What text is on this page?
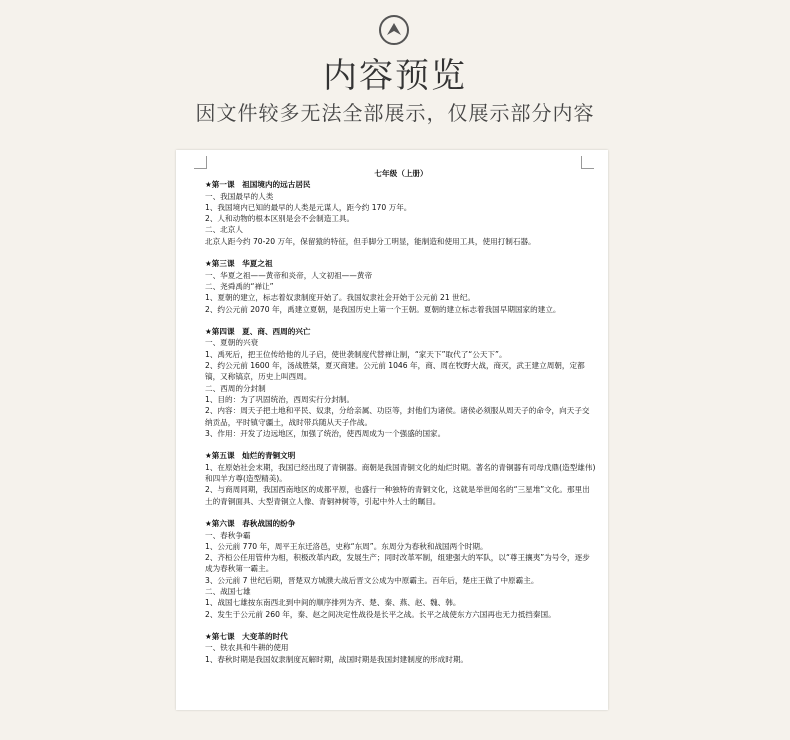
内容预览
因文件较多无法全部展示，仅展示部分内容

七年级（上册）

★第一课　祖国境内的远古居民

一、我国最早的人类

1、我国境内已知的最早的人类是元谋人，距今约 170 万年。

2、人和动物的根本区别是会不会制造工具。

二、北京人

北京人距今约 70-20 万年，保留猿的特征，但手脚分工明显，能制造和使用工具，使用打制石器。

★第三课　华夏之祖

一、华夏之祖——黄帝和炎帝，人文初祖——黄帝

二、尧舜禹的“禅让”

1、夏朝的建立，标志着奴隶制度开始了。我国奴隶社会开始于公元前 21 世纪。

2、约公元前 2070 年，禹建立夏朝，是我国历史上第一个王朝。夏朝的建立标志着我国早期国家的建立。

★第四课　夏、商、西周的兴亡

一、夏朝的兴衰

1、禹死后，把王位传给他的儿子启，使世袭制度代替禅让制，“家天下”取代了“公天下”。

2、约公元前 1600 年，汤战胜桀，夏灭商建。公元前 1046 年，商、周在牧野大战，商灭，武王建立周朝，定都镐，又称镐京，历史上叫西周。

二、西周的分封制

1、目的：为了巩固统治，西周实行分封制。

2、内容：周天子把土地和平民、奴隶，分给亲属、功臣等，封他们为诸侯。诸侯必须服从周天子的命令，向天子交纳贡品，平时镇守疆土，战时带兵随从天子作战。

3、作用：开发了边远地区，加强了统治，使西周成为一个强盛的国家。

★第五课　灿烂的青铜文明

1、在原始社会末期，我国已经出现了青铜器。商朝是我国青铜文化的灿烂时期。著名的青铜器有司母戊鼎(造型雄伟)和四羊方尊(造型精美)。

2、与商周同期，我国西南地区的成都平原，也盛行一种独特的青铜文化，这就是举世闻名的“三星堆”文化。那里出土的青铜面具、大型青铜立人像、青铜神树等，引起中外人士的瞩目。

★第六课　春秋战国的纷争

一、春秋争霸

1、公元前 770 年，周平王东迁洛邑，史称“东周”。东周分为春秋和战国两个时期。

2、齐桓公任用管仲为相，积极改革内政，发展生产；同时改革军制，组建强大的军队，以“尊王攘夷”为号令，逐步成为春秋第一霸主。

3、公元前 7 世纪后期，晋楚双方城濮大战后晋文公成为中原霸主。百年后，楚庄王做了中原霸主。

二、战国七雄

1、战国七雄按东南西北到中间的顺序排列为齐、楚、秦、燕、赵、魏、韩。

2、发生于公元前 260 年，秦、赵之间决定性战役是长平之战。长平之战使东方六国再也无力抵挡秦国。

★第七课　大变革的时代

一、铁农具和牛耕的使用

1、春秋时期是我国奴隶制度瓦解时期，战国时期是我国封建制度的形成时期。
